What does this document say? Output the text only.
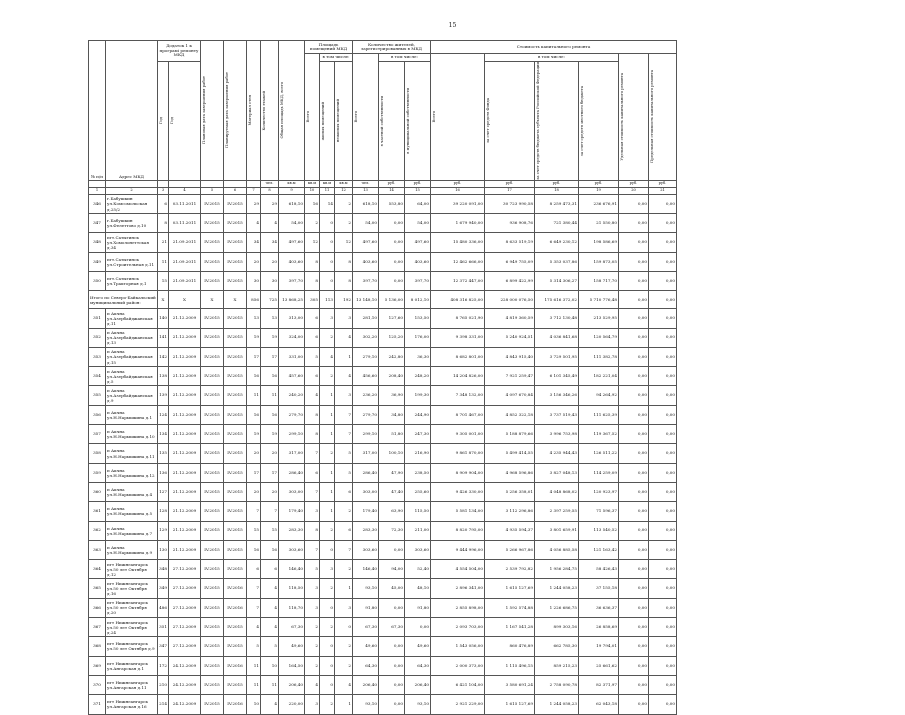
15
№ п/п	Адрес МКД	Додаток 1 к програмі ремонту МКД		Плановая дата завершения работ	Планируемая дата завершения работ	Материал стен	Количество этажей	Общая площадь МКД, всего	Площадь помещений МКД			Количество жителей, зарегистрированных в МКД			Стоимость капитального ремонта					

									Всего	в том числе:		Всего	в том числе:		Всего	в том числе:			Удельная стоимость капитального ремонта	Предельная стоимость капитального ремонта

		Год	Год							жилых помещений	нежилых помещений		в частной собственности	в муниципальной собственности		за счет средств Фонда	за счет средств бюджета субъекта Российской Федерации	за счет средств местного бюджета		

							чел.	кв.м	кв.м	кв.м	кв.м	чел.	руб.	руб.	руб.	руб.	руб.	руб.	руб.	руб.
1	2	3	4	5	6	7	8	9	10	11	12	13	14	15	16	17	18	19	20	21
346	г.Бабушкин ул.Комсомольская д.25/2	6	03.11.2011	IV.2015	IV.2015	29	29	618,10	16	14	2	618,10	553,80	64,00	39 220 091,00	30 723 990,58	8 259 473,31	236 676,91	0,00	0,00
347	г.Бабушкин ул.Фелеттово д.10	8	03.11.2011	IV.2015	IV.2015	4	4	54,00	2	0	2	54,00	0,00	54,00	1 679 940,00	936 908,76	721 380,44	21 550,80	0,00	0,00
348	пгт.Сатыгинск ул.Хомолонеттская д.34	21	21.09.2011	IV.2015	IV.2015	34	34	497,60	12	0	12	497,60	0,00	497,60	15 480 336,00	8 633 519,19	6 649 230,12	198 586,69	0,00	0,00
349	пгт.Сатыгинск ул.Строительная д.11	11	21.09.2011	IV.2015	IV.2015	20	20	403,60	8	0	8	403,60	0,00	403,60	12 462 666,00	6 949 755,09	5 353 037,86	159 873,05	0,00	0,00
350	пгт.Сатыгинск ул.Тракторная д.1	15	21.09.2011	IV.2015	IV.2015	30	30	397,70	8	0	8	397,70	0,00	397,70	12 372 447,00	6 899 422,99	5 314 306,27	158 717,70	0,00	0,00
Итого по Северо-Байкальский муниципальный район:		X	X	X	X	856	725	13 868,25	305	113	192	13 148,10	5 136,00	8 012,10	408 316 825,00	228 000 076,50	175 616 372,02	5 710 776,48	0,00	0,00
351	п Акчна ул.Азербайджанская д.11	140	21.12.2009	IV.2015	IV.2015	13	13	313,00	6	3	3	281,10	127,60	153,50	8 765 021,90	4 819 360,59	3 712 130,48	213 529,95	0,00	0,00
352	п Акчна ул.Азербайджанская д.13	141	21.12.2009	IV.2015	IV.2015	19	19	324,00	6	2	4	302,20	125,20	176,00	9 398 331,00	5 240 924,51	4 036 841,68	120 564,79	0,00	0,00
353	п Акчна ул.Азербайджанская д.15	142	21.12.2009	IV.2015	IV.2015	17	17	331,00	5	4	1	279,10	242,80	36,30	8 682 801,00	4 843 915,40	3 729 501,95	111 382,78	0,00	0,00
354	п Акчна ул.Азербайджанская д.5	138	21.12.2009	IV.2015	IV.2015	16	16	457,60	6	2	4	456,60	208,40	248,20	14 204 826,00	7 921 259,47	6 101 345,49	182 221,04	0,00	0,00
355	п Акчна ул.Азербайджанская д.9	139	21.12.2009	IV.2015	IV.2015	11	11	240,20	4	1	3	236,20	36,90	199,30	7 348 132,00	4 097 670,84	3 156 346,26	94 264,92	0,00	0,00
356	п Акчна ул.Н.Нарышкина д.1	124	21.12.2009	IV.2015	IV.2015	16	16	279,70	8	1	7	279,70	34,80	244,90	8 701 467,00	4 852 322,18	3 737 519,43	111 625,39	0,00	0,00
357	п Акчна ул.Н.Нарышкина д.10	134	21.12.2009	IV.2015	IV.2015	19	19	299,10	8	1	7	299,10	51,80	247,30	9 305 001,00	5 188 879,66	3 996 753,98	119 367,52	0,00	0,00
358	п Акчна ул.Н.Нарышкина д.11	135	21.12.2009	IV.2015	IV.2015	20	20	317,00	7	2	5	317,00	100,10	216,90	9 861 870,00	5 499 414,55	4 235 944,43	126 511,22	0,00	0,00
359	п Акчна ул.Н.Нарышкина д.12	136	21.12.2009	IV.2015	IV.2015	17	17	286,40	6	1	5	286,40	47,90	238,50	8 909 904,00	4 968 596,86	3 827 048,13	114 259,09	0,00	0,00
360	п Акчна ул.Н.Нарышкина д.4	127	21.12.2009	IV.2015	IV.2015	20	20	303,00	7	1	6	303,00	47,40	255,60	9 426 330,00	5 256 358,01	4 048 868,02	120 923,97	0,00	0,00
361	п Акчна ул.Н.Нарышкина д.5	128	21.12.2009	IV.2015	IV.2015	7	7	179,40	3	1	2	179,40	63,90	115,50	5 581 134,00	3 112 296,86	2 397 259,55	71 596,37	0,00	0,00
362	п Акчна ул.Н.Нарышкина д.7	129	21.12.2009	IV.2015	IV.2015	15	15	283,30	8	2	6	283,30	72,30	211,00	8 820 795,00	4 935 594,37	3 801 659,91	113 540,52	0,00	0,00
363	п Акчна ул.Н.Нарышкина д.9	130	21.12.2009	IV.2015	IV.2015	16	16	303,60	7	0	7	303,60	0,00	303,60	9 444 996,00	5 266 967,86	4 056 885,58	121 163,42	0,00	0,00
364	пгт Нижнеангарск ул.50 лет Октября д.12	348	27.12.2009	IV.2015	IV.2015	6	6	146,40	5	3	2	146,40	94,00	52,40	4 554 504,00	2 539 792,82	1 956 284,75	58 426,43	0,00	0,00
365	пгт Нижнеангарск ул.50 лет Октября д.16	349	27.12.2009	IV.2015	IV.2016	7	4	118,50	3	2	1	93,10	45,00	48,10	2 896 341,00	1 615 127,69	1 244 058,23	37 155,18	0,00	0,00
366	пгт Нижнеангарск ул.50 лет Октября д.20	486	27.12.2009	IV.2015	IV.2016	7	4	118,70	3	0	3	91,80	0,00	91,80	2 855 898,00	1 592 574,88	1 226 686,75	36 636,37	0,00	0,00
367	пгт Нижнеангарск ул.50 лет Октября д.24	351	27.12.2009	IV.2015	IV.2015	4	4	67,30	2	2	0	67,30	67,30	0,00	2 093 703,00	1 167 541,28	899 303,16	26 858,69	0,00	0,00
368	пгт Нижнеангарск ул.50 лет Октября д.9	347	27.12.2009	IV.2015	IV.2015	5	5	49,60	2	0	2	49,60	0,00	49,60	1 543 056,00	860 476,89	662 785,30	19 794,01	0,00	0,00
369	пгт Нижнеангарск ул.Ангарская д.1	172	24.12.2009	IV.2015	IV.2016	11	10	164,50	2	0	2	64,30	0,00	64,30	2 000 373,00	1 115 496,15	859 215,23	25 661,62	0,00	0,00
370	пгт Нижнеангарск ул.Ангарская д.11	210	24.12.2009	IV.2015	IV.2015	11	11	206,40	4	0	4	206,40	0,00	206,40	6 421 104,00	3 580 691,24	2 758 090,78	82 371,97	0,00	0,00
371	пгт Нижнеангарск ул.Ангарская д.16	214	24.12.2009	IV.2015	IV.2016	10	4	220,00	3	2	1	93,10	0,00	93,10	2 921 229,00	1 615 127,69	1 244 058,23	62 043,18	0,00	0,00
